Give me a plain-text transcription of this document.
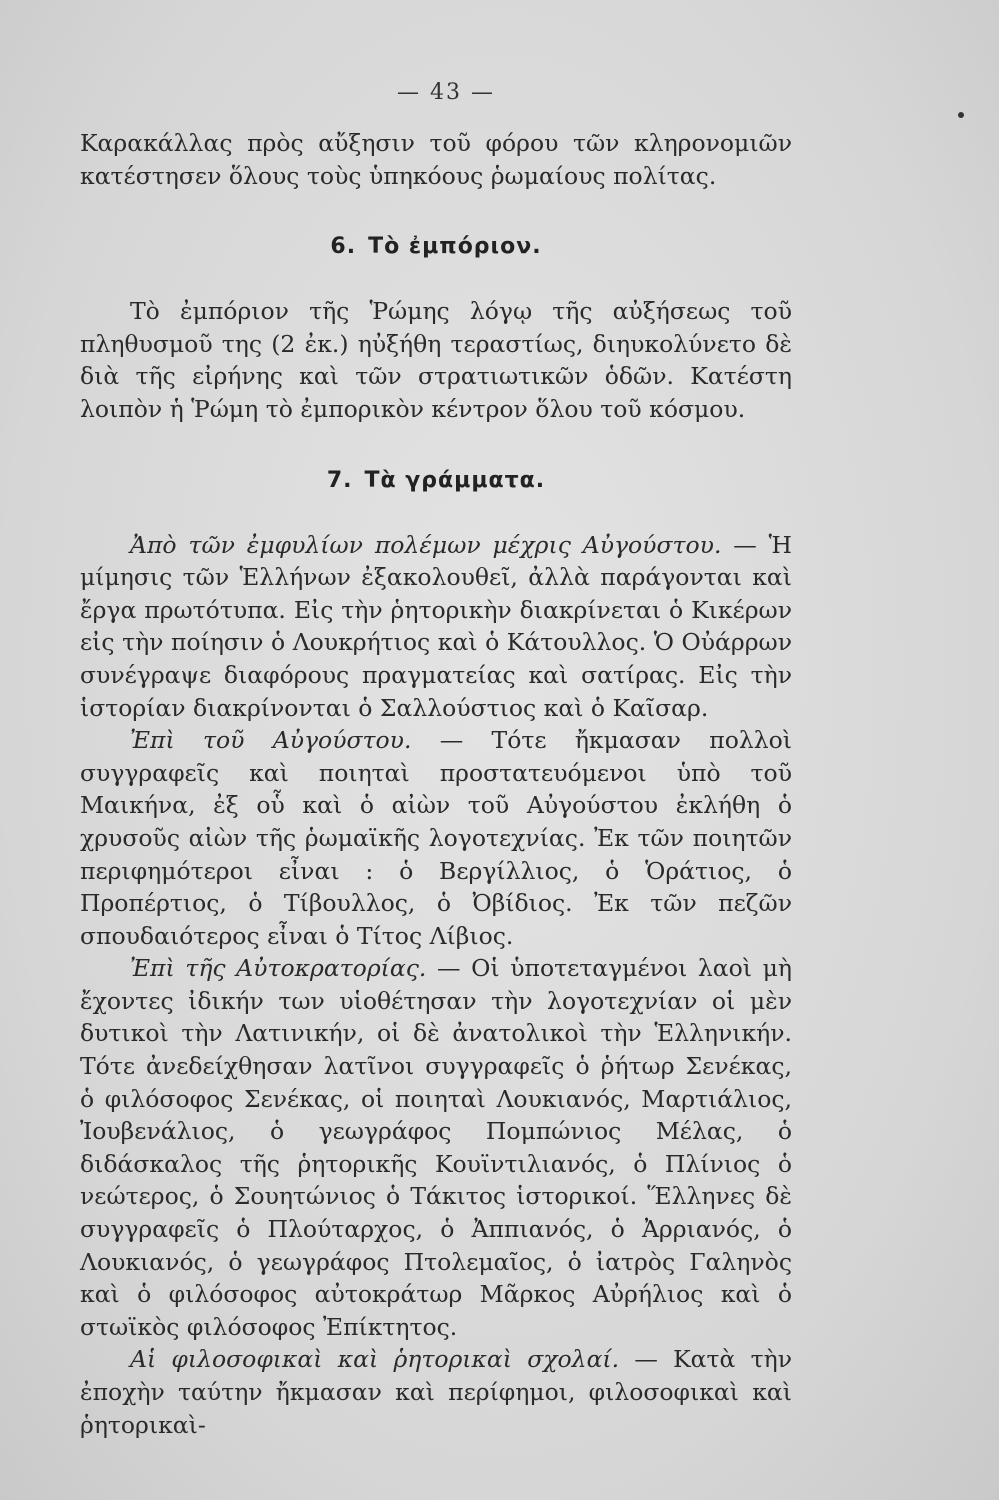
— 43 —

Καρακάλλας πρὸς αὔξησιν τοῦ φόρου τῶν κληρονομιῶν κατέστησεν ὅλους τοὺς ὑπηκόους ῥωμαίους πολίτας.

6. Τὸ ἐμπόριον.

Τὸ ἐμπόριον τῆς Ῥώμης λόγῳ τῆς αὐξήσεως τοῦ πληθυσμοῦ της (2 ἐκ.) ηὐξήθη τεραστίως, διηυκολύνετο δὲ διὰ τῆς εἰρήνης καὶ τῶν στρατιωτικῶν ὁδῶν. Κατέστη λοιπὸν ἡ Ῥώμη τὸ ἐμπορικὸν κέντρον ὅλου τοῦ κόσμου.

7. Τὰ γράμματα.

Ἀπὸ τῶν ἐμφυλίων πολέμων μέχρις Αὐγούστου. — Ἡ μίμησις τῶν Ἑλλήνων ἐξακολουθεῖ, ἀλλὰ παράγονται καὶ ἔργα πρωτότυπα. Εἰς τὴν ῥητορικὴν διακρίνεται ὁ Κικέρων εἰς τὴν ποίησιν ὁ Λουκρήτιος καὶ ὁ Κάτουλλος. Ὁ Οὐάρρων συνέγραψε διαφόρους πραγματείας καὶ σατίρας. Εἰς τὴν ἱστορίαν διακρίνονται ὁ Σαλλούστιος καὶ ὁ Καῖσαρ.

Ἐπὶ τοῦ Αὐγούστου. — Τότε ἤκμασαν πολλοὶ συγγραφεῖς καὶ ποιηταὶ προστατευόμενοι ὑπὸ τοῦ Μαικήνα, ἐξ οὗ καὶ ὁ αἰὼν τοῦ Αὐγούστου ἐκλήθη ὁ χρυσοῦς αἰὼν τῆς ῥωμαϊκῆς λογοτεχνίας. Ἐκ τῶν ποιητῶν περιφημότεροι εἶναι : ὁ Βεργίλλιος, ὁ Ὁράτιος, ὁ Προπέρτιος, ὁ Τίβουλλος, ὁ Ὀβίδιος. Ἐκ τῶν πεζῶν σπουδαιότερος εἶναι ὁ Τίτος Λίβιος.

Ἐπὶ τῆς Αὐτοκρατορίας. — Οἱ ὑποτεταγμένοι λαοὶ μὴ ἔχοντες ἰδικήν των υἱοθέτησαν τὴν λογοτεχνίαν οἱ μὲν δυτικοὶ τὴν Λατινικήν, οἱ δὲ ἀνατολικοὶ τὴν Ἑλληνικήν. Τότε ἀνεδείχθησαν λατῖνοι συγγραφεῖς ὁ ῥήτωρ Σενέκας, ὁ φιλόσοφος Σενέκας, οἱ ποιηταὶ Λουκιανός, Μαρτιάλιος, Ἰουβενάλιος, ὁ γεωγράφος Πομπώνιος Μέλας, ὁ διδάσκαλος τῆς ῥητορικῆς Κουϊντιλιανός, ὁ Πλίνιος ὁ νεώτερος, ὁ Σουητώνιος ὁ Τάκιτος ἱστορικοί. Ἕλληνες δὲ συγγραφεῖς ὁ Πλούταρχος, ὁ Ἀππιανός, ὁ Ἀρριανός, ὁ Λουκιανός, ὁ γεωγράφος Πτολεμαῖος, ὁ ἰατρὸς Γαληνὸς καὶ ὁ φιλόσοφος αὐτοκράτωρ Μᾶρκος Αὐρήλιος καὶ ὁ στωϊκὸς φιλόσοφος Ἐπίκτητος.

Αἱ φιλοσοφικαὶ καὶ ῥητορικαὶ σχολαί. — Κατὰ τὴν ἐποχὴν ταύτην ἤκμασαν καὶ περίφημοι, φιλοσοφικαὶ καὶ ῥητορικαὶ-
